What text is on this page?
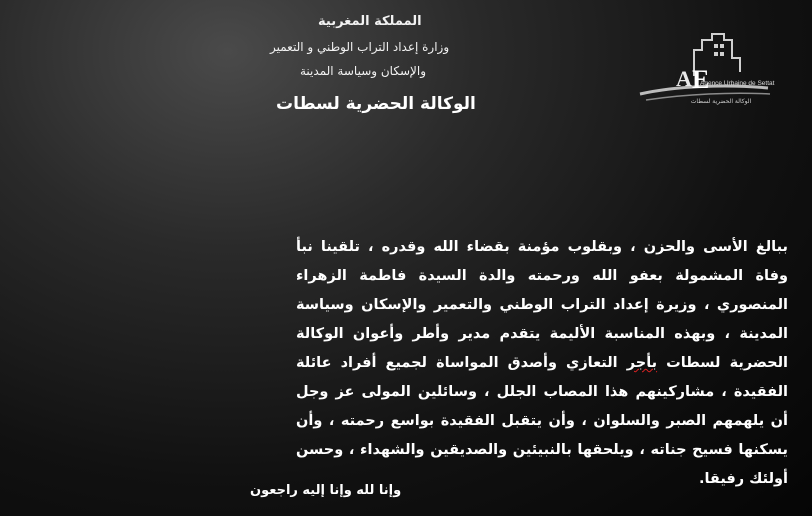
المملكة المغربية
وزارة إعداد التراب الوطني و التعمير
والإسكان وسياسة المدينة
الوكالة الحضرية لسطات
A E
Agence Urbaine de Settat
الوكالة الحضرية لسطات
ببالغ الأسى والحزن ، وبقلوب مؤمنة بقضاء الله وقدره ، تلقينا نبأ وفاة المشمولة بعفو الله ورحمته والدة السيدة فاطمة الزهراء المنصوري ، وزيرة إعداد التراب الوطني والتعمير والإسكان وسياسة المدينة ، وبهذه المناسبة الأليمة يتقدم مدير وأطر وأعوان الوكالة الحضرية لسطات بأجر التعازي وأصدق المواساة لجميع أفراد عائلة الفقيدة ، مشاركينهم هذا المصاب الجلل ، وسائلين المولى عز وجل أن يلهمهم الصبر والسلوان ، وأن يتقبل الفقيدة بواسع رحمته ، وأن يسكنها فسيح جناته ، ويلحقها بالنبيئين والصديقين والشهداء ، وحسن أولئك رفيقا.
وإنا لله وإنا إليه راجعون
